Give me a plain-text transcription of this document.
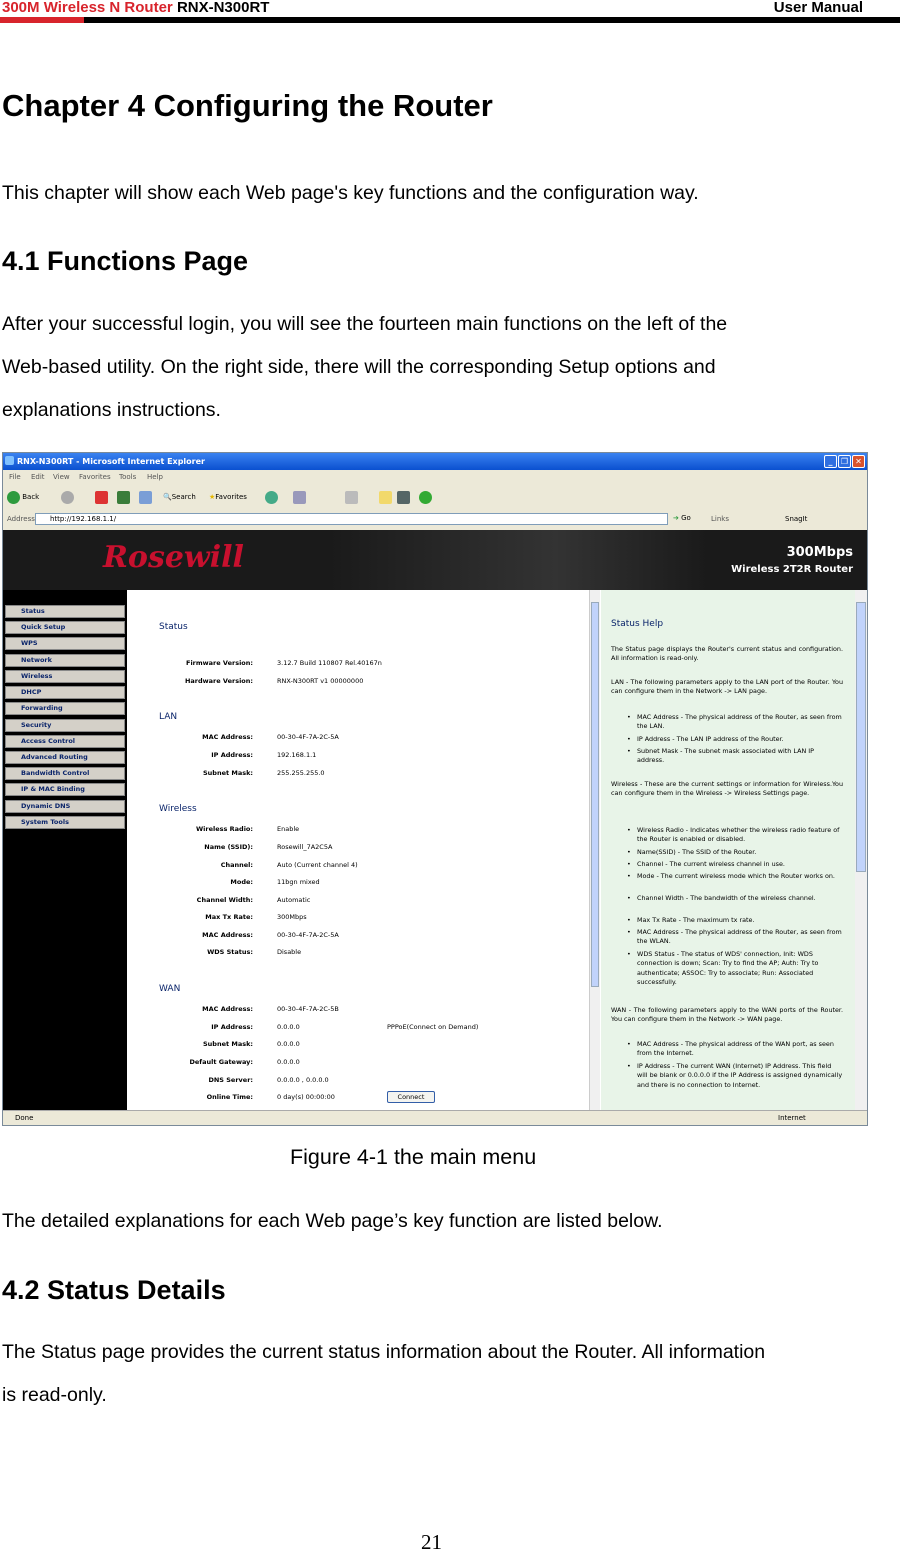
300M Wireless N Router RNX-N300RT	User Manual
Chapter 4 Configuring the Router

This chapter will show each Web page's key functions and the configuration way.

4.1 Functions Page

After your successful login, you will see the fourteen main functions on the left of the

Web-based utility. On the right side, there will the corresponding Setup options and

explanations instructions.

RNX-N300RT - Microsoft Internet Explorer	_ ❐ ✕
File Edit View Favorites Tools Help
Back	🔍Search ★Favorites
Address	http://192.168.1.1/	➔ Go	Links	SnagIt
Rosewill	300Mbps
Wireless 2T2R Router
Status
Quick Setup
WPS
Network
Wireless
DHCP
Forwarding
Security
Access Control
Advanced Routing
Bandwidth Control
IP & MAC Binding
Dynamic DNS
System Tools
Status
Firmware Version:	3.12.7 Build 110807 Rel.40167n
Hardware Version:	RNX-N300RT v1 00000000
LAN
MAC Address:	00-30-4F-7A-2C-5A
IP Address:	192.168.1.1
Subnet Mask:	255.255.255.0
Wireless
Wireless Radio:	Enable
Name (SSID):	Rosewill_7A2C5A
Channel:	Auto (Current channel 4)
Mode:	11bgn mixed
Channel Width:	Automatic
Max Tx Rate:	300Mbps
MAC Address:	00-30-4F-7A-2C-5A
WDS Status:	Disable
WAN
MAC Address:	00-30-4F-7A-2C-5B
IP Address:	0.0.0.0	PPPoE(Connect on Demand)
Subnet Mask:	0.0.0.0
Default Gateway:	0.0.0.0
DNS Server:	0.0.0.0 , 0.0.0.0
Online Time:	0 day(s) 00:00:00	Connect
Status Help

The Status page displays the Router's current status and configuration. All information is read-only.

LAN - The following parameters apply to the LAN port of the Router. You can configure them in the Network -> LAN page.

• MAC Address - The physical address of the Router, as seen from the LAN.

• IP Address - The LAN IP address of the Router.

• Subnet Mask - The subnet mask associated with LAN IP address.

Wireless - These are the current settings or information for Wireless.You can configure them in the Wireless -> Wireless Settings page.

• Wireless Radio - Indicates whether the wireless radio feature of the Router is enabled or disabled.

• Name(SSID) - The SSID of the Router.

• Channel - The current wireless channel in use.

• Mode - The current wireless mode which the Router works on.

• Channel Width - The bandwidth of the wireless channel.

• Max Tx Rate - The maximum tx rate.

• MAC Address - The physical address of the Router, as seen from the WLAN.

• WDS Status - The status of WDS' connection, Init: WDS connection is down; Scan: Try to find the AP; Auth: Try to authenticate; ASSOC: Try to associate; Run: Associated successfully.

WAN - The following parameters apply to the WAN ports of the Router. You can configure them in the Network -> WAN page.

• MAC Address - The physical address of the WAN port, as seen from the Internet.

• IP Address - The current WAN (Internet) IP Address. This field will be blank or 0.0.0.0 if the IP Address is assigned dynamically and there is no connection to Internet.

Done	Internet
Figure 4-1 the main menu

The detailed explanations for each Web page’s key function are listed below.

4.2 Status Details

The Status page provides the current status information about the Router. All information

is read-only.

21
